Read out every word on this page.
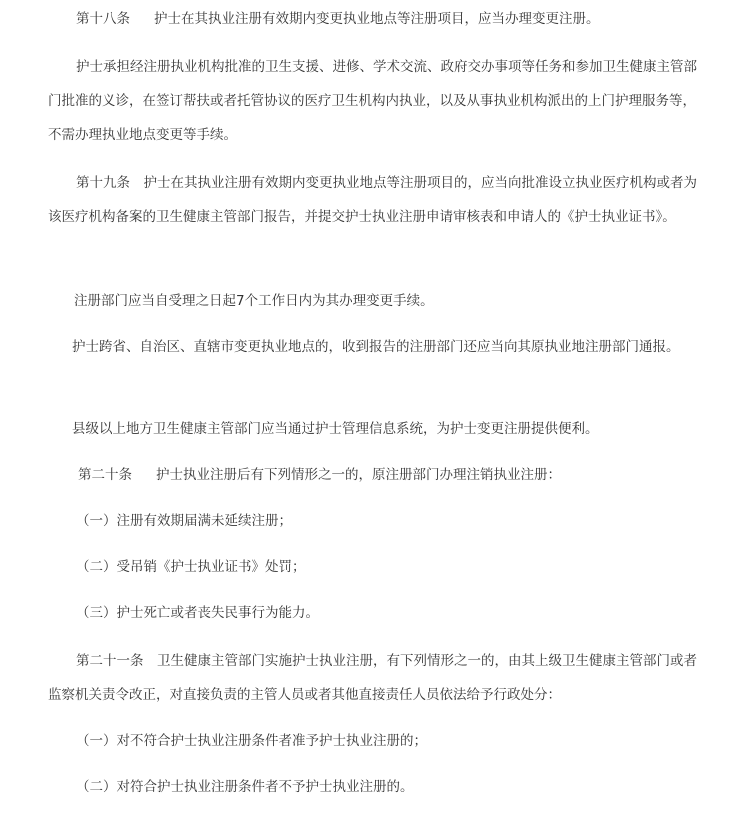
第十八条 护士在其执业注册有效期内变更执业地点等注册项目，应当办理变更注册。

护士承担经注册执业机构批准的卫生支援、进修、学术交流、政府交办事项等任务和参加卫生健康主管部门批准的义诊，在签订帮扶或者托管协议的医疗卫生机构内执业，以及从事执业机构派出的上门护理服务等，不需办理执业地点变更等手续。

第十九条　护士在其执业注册有效期内变更执业地点等注册项目的，应当向批准设立执业医疗机构或者为该医疗机构备案的卫生健康主管部门报告，并提交护士执业注册申请审核表和申请人的《护士执业证书》。

注册部门应当自受理之日起7个工作日内为其办理变更手续。

护士跨省、自治区、直辖市变更执业地点的，收到报告的注册部门还应当向其原执业地注册部门通报。

县级以上地方卫生健康主管部门应当通过护士管理信息系统，为护士变更注册提供便利。

第二十条 护士执业注册后有下列情形之一的，原注册部门办理注销执业注册：

（一）注册有效期届满未延续注册；

（二）受吊销《护士执业证书》处罚；

（三）护士死亡或者丧失民事行为能力。

第二十一条　卫生健康主管部门实施护士执业注册，有下列情形之一的，由其上级卫生健康主管部门或者监察机关责令改正，对直接负责的主管人员或者其他直接责任人员依法给予行政处分：

（一）对不符合护士执业注册条件者准予护士执业注册的；

（二）对符合护士执业注册条件者不予护士执业注册的。
